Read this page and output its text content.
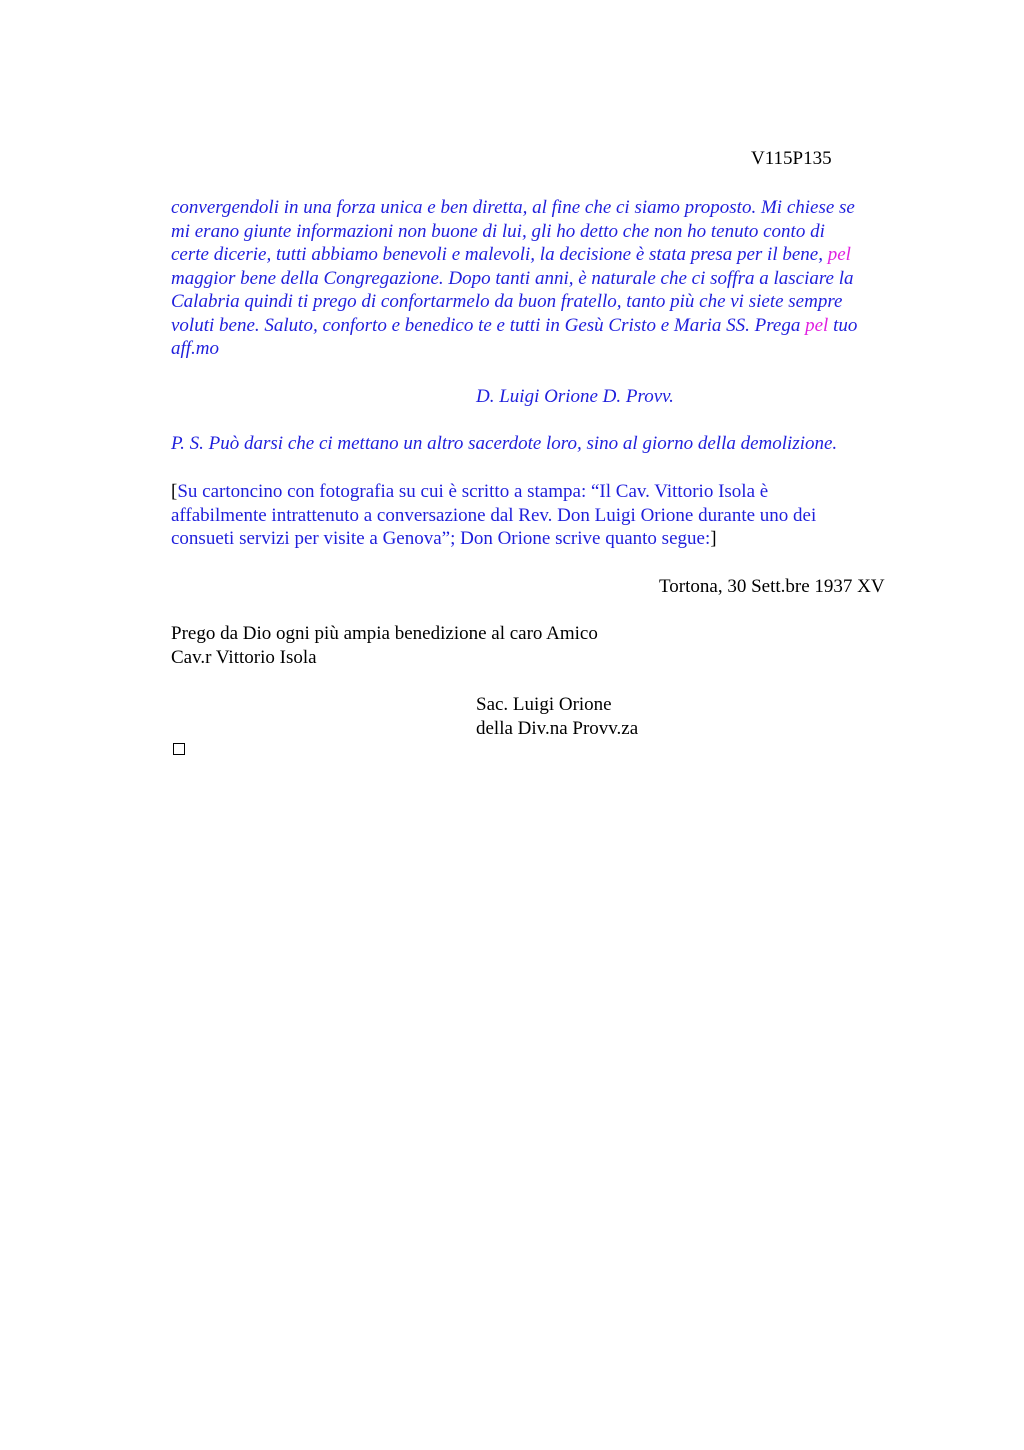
V115P135
convergendoli in una forza unica e ben diretta, al fine che ci siamo proposto. Mi chiese se
mi erano giunte informazioni non buone di lui, gli ho detto che non ho tenuto conto di
certe dicerie, tutti abbiamo benevoli e malevoli, la decisione è stata presa per il bene, pel
maggior bene della Congregazione. Dopo tanti anni, è naturale che ci soffra a lasciare la
Calabria quindi ti prego di confortarmelo da buon fratello, tanto più che vi siete sempre
voluti bene. Saluto, conforto e benedico te e tutti in Gesù Cristo e Maria SS. Prega pel tuo
aff.mo
D. Luigi Orione D. Provv.
P. S. Può darsi che ci mettano un altro sacerdote loro, sino al giorno della demolizione.
[Su cartoncino con fotografia su cui è scritto a stampa: “Il Cav. Vittorio Isola è
affabilmente intrattenuto a conversazione dal Rev. Don Luigi Orione durante uno dei
consueti servizi per visite a Genova”; Don Orione scrive quanto segue:]
Tortona, 30 Sett.bre 1937 XV
Prego da Dio ogni più ampia benedizione al caro Amico
Cav.r Vittorio Isola
Sac. Luigi Orione
della Div.na Provv.za
